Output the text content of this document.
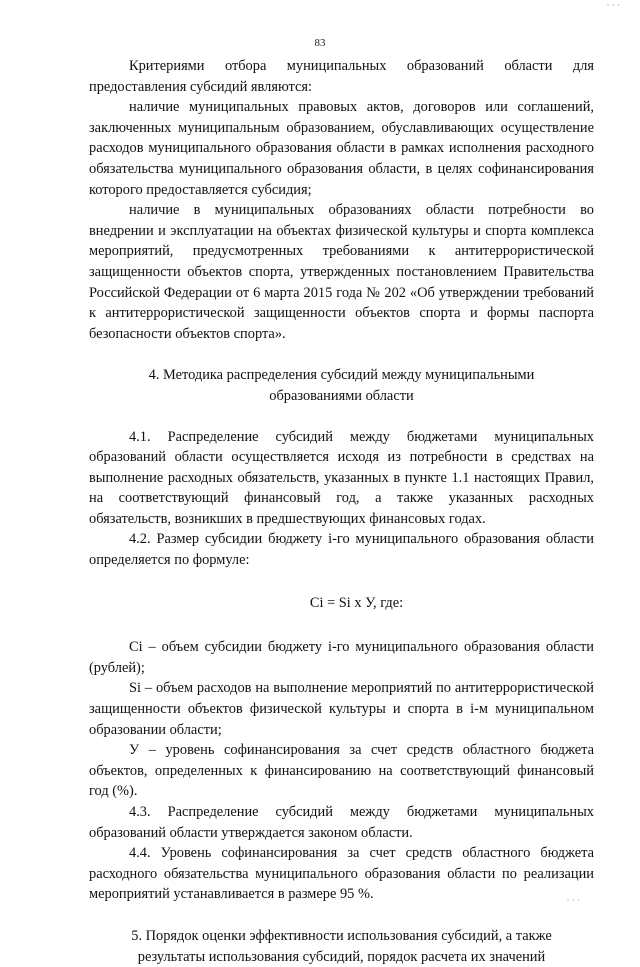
· · ·
83

Критериями отбора муниципальных образований области для предоставления субсидий являются:

наличие муниципальных правовых актов, договоров или соглашений, заключенных муниципальным образованием, обуславливающих осуществление расходов муниципального образования области в рамках исполнения расходного обязательства муниципального образования области, в целях софинансирования которого предоставляется субсидия;

наличие в муниципальных образованиях области потребности во внедрении и эксплуатации на объектах физической культуры и спорта комплекса мероприятий, предусмотренных требованиями к антитеррористической защищенности объектов спорта, утвержденных постановлением Правительства Российской Федерации от 6 марта 2015 года № 202 «Об утверждении требований к антитеррористической защищенности объектов спорта и формы паспорта безопасности объектов спорта».

4. Методика распределения субсидий между муниципальными образованиями области

4.1. Распределение субсидий между бюджетами муниципальных образований области осуществляется исходя из потребности в средствах на выполнение расходных обязательств, указанных в пункте 1.1 настоящих Правил, на соответствующий финансовый год, а также указанных расходных обязательств, возникших в предшествующих финансовых годах.

4.2. Размер субсидии бюджету i-го муниципального образования области определяется по формуле:

Ci = Si х У, где:

Ci – объем субсидии бюджету i-го муниципального образования области (рублей);

Si – объем расходов на выполнение мероприятий по антитеррористической защищенности объектов физической культуры и спорта в i-м муниципальном образовании области;

У – уровень софинансирования за счет средств областного бюджета объектов, определенных к финансированию на соответствующий финансовый год (%).

4.3. Распределение субсидий между бюджетами муниципальных образований области утверждается законом области.

4.4. Уровень софинансирования за счет средств областного бюджета расходного обязательства муниципального образования области по реализации мероприятий устанавливается в размере 95 %.

5. Порядок оценки эффективности использования субсидий, а также результаты использования субсидий, порядок расчета их значений
· · ·
